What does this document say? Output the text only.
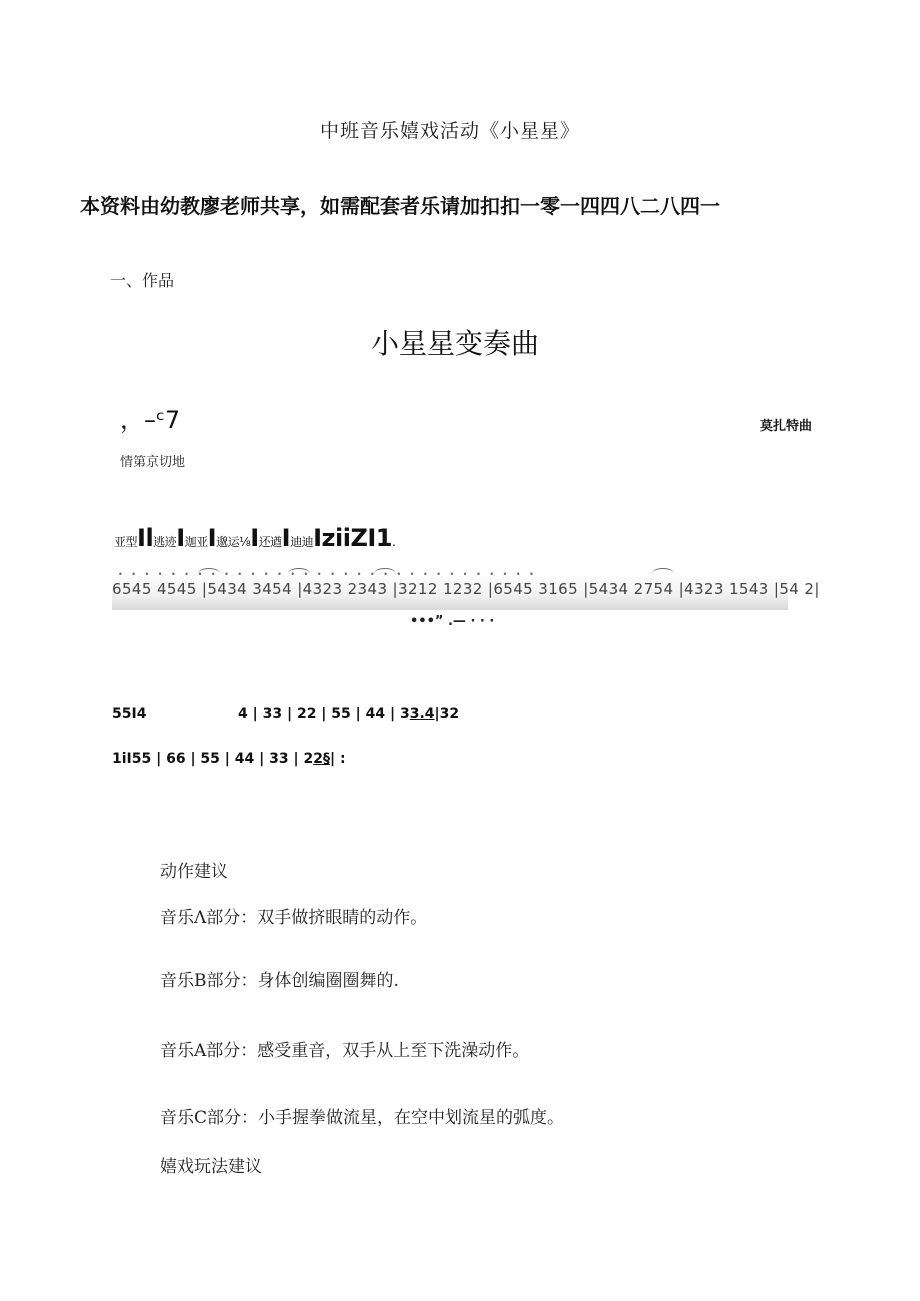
中班音乐嬉戏活动《小星星》
本资料由幼教廖老师共享，如需配套者乐请加扣扣一零一四四八二八四一
一、作品
小星星变奏曲
，–ᶜ7	莫扎特曲
情第京切地
亚型Il逃迹I迦亚I邈运⅛I还遒I迪迪IziiZI1.
• • • • • • • • • • • • • • • • • • • • • • • • • • • • • • • •
6545 4545 |5434 3454 |4323 2343 |3212 1232 |6545 3165 |5434 2754 |4323 1543 |54 2|
•••” .— · · ·
55I4	4 | 33 | 22 | 55 | 44 | 33.4|32
1iI55 | 66 | 55 | 44 | 33 | 22§| :
动作建议
音乐Λ部分：双手做挤眼睛的动作。
音乐B部分：身体创编圈圈舞的.
音乐A部分：感受重音，双手从上至下洗澡动作。
音乐C部分：小手握拳做流星，在空中划流星的弧度。
嬉戏玩法建议
